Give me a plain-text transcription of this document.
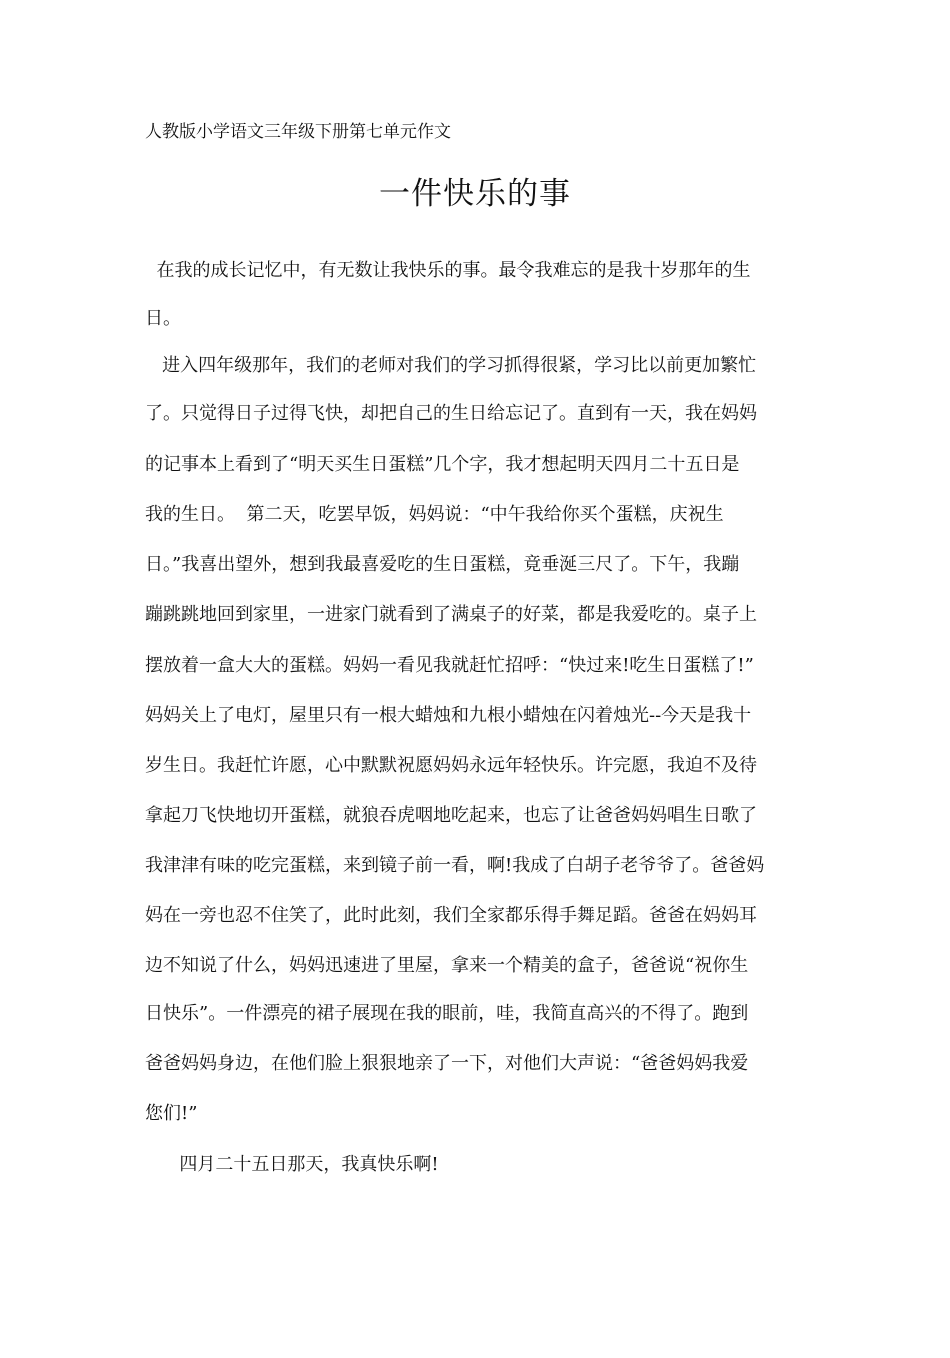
人教版小学语文三年级下册第七单元作文
一件快乐的事
在我的成长记忆中，有无数让我快乐的事。最令我难忘的是我十岁那年的生
日。
进入四年级那年，我们的老师对我们的学习抓得很紧，学习比以前更加繁忙
了。只觉得日子过得飞快，却把自己的生日给忘记了。直到有一天，我在妈妈
的记事本上看到了“明天买生日蛋糕”几个字，我才想起明天四月二十五日是
我的生日。  第二天，吃罢早饭，妈妈说：“中午我给你买个蛋糕，庆祝生
日。”我喜出望外，想到我最喜爱吃的生日蛋糕，竟垂涎三尺了。下午，我蹦
蹦跳跳地回到家里，一进家门就看到了满桌子的好菜，都是我爱吃的。桌子上
摆放着一盒大大的蛋糕。妈妈一看见我就赶忙招呼：“快过来!吃生日蛋糕了!”
妈妈关上了电灯，屋里只有一根大蜡烛和九根小蜡烛在闪着烛光--今天是我十
岁生日。我赶忙许愿，心中默默祝愿妈妈永远年轻快乐。许完愿，我迫不及待
拿起刀飞快地切开蛋糕，就狼吞虎咽地吃起来，也忘了让爸爸妈妈唱生日歌了
我津津有味的吃完蛋糕，来到镜子前一看，啊!我成了白胡子老爷爷了。爸爸妈
妈在一旁也忍不住笑了，此时此刻，我们全家都乐得手舞足蹈。爸爸在妈妈耳
边不知说了什么，妈妈迅速进了里屋，拿来一个精美的盒子，爸爸说“祝你生
日快乐”。一件漂亮的裙子展现在我的眼前，哇，我简直高兴的不得了。跑到
爸爸妈妈身边，在他们脸上狠狠地亲了一下，对他们大声说：“爸爸妈妈我爱
您们!”
四月二十五日那天，我真快乐啊!
